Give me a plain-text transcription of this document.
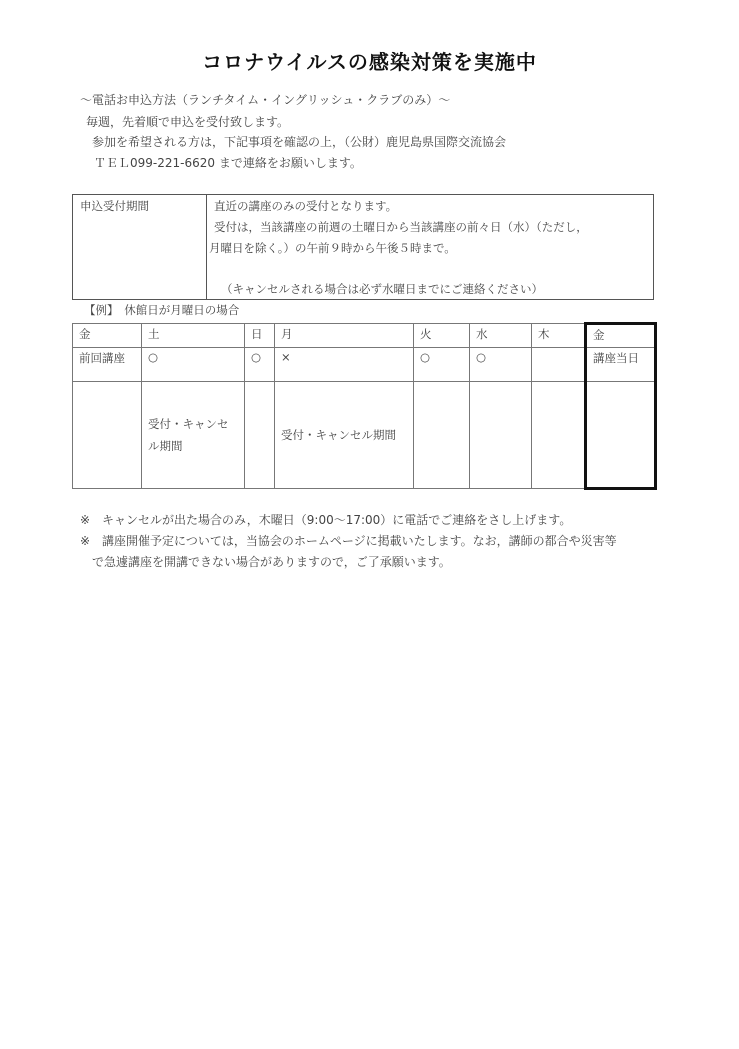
コロナウイルスの感染対策を実施中
～電話お申込方法（ランチタイム・イングリッシュ・クラブのみ）～
毎週，先着順で申込を受付致します。
参加を希望される方は，下記事項を確認の上，（公財）鹿児島県国際交流協会
ＴＥＬ099-221-6620 まで連絡をお願いします。
申込受付期間	直近の講座のみの受付となります。
受付は，当該講座の前週の土曜日から当該講座の前々日（水）（ただし，
月曜日を除く。）の午前９時から午後５時まで。
（キャンセルされる場合は必ず水曜日までにご連絡ください）
【例】　休館日が月曜日の場合
金	土	日	月	火	水	木	金
前回講座	○	○	×	○	○		講座当日
	受付・キャンセル期間		受付・キャンセル期間				
※　キャンセルが出た場合のみ，木曜日（9:00～17:00）に電話でご連絡をさし上げます。
※　講座開催予定については，当協会のホームページに掲載いたします。なお，講師の都合や災害等
で急遽講座を開講できない場合がありますので，ご了承願います。
